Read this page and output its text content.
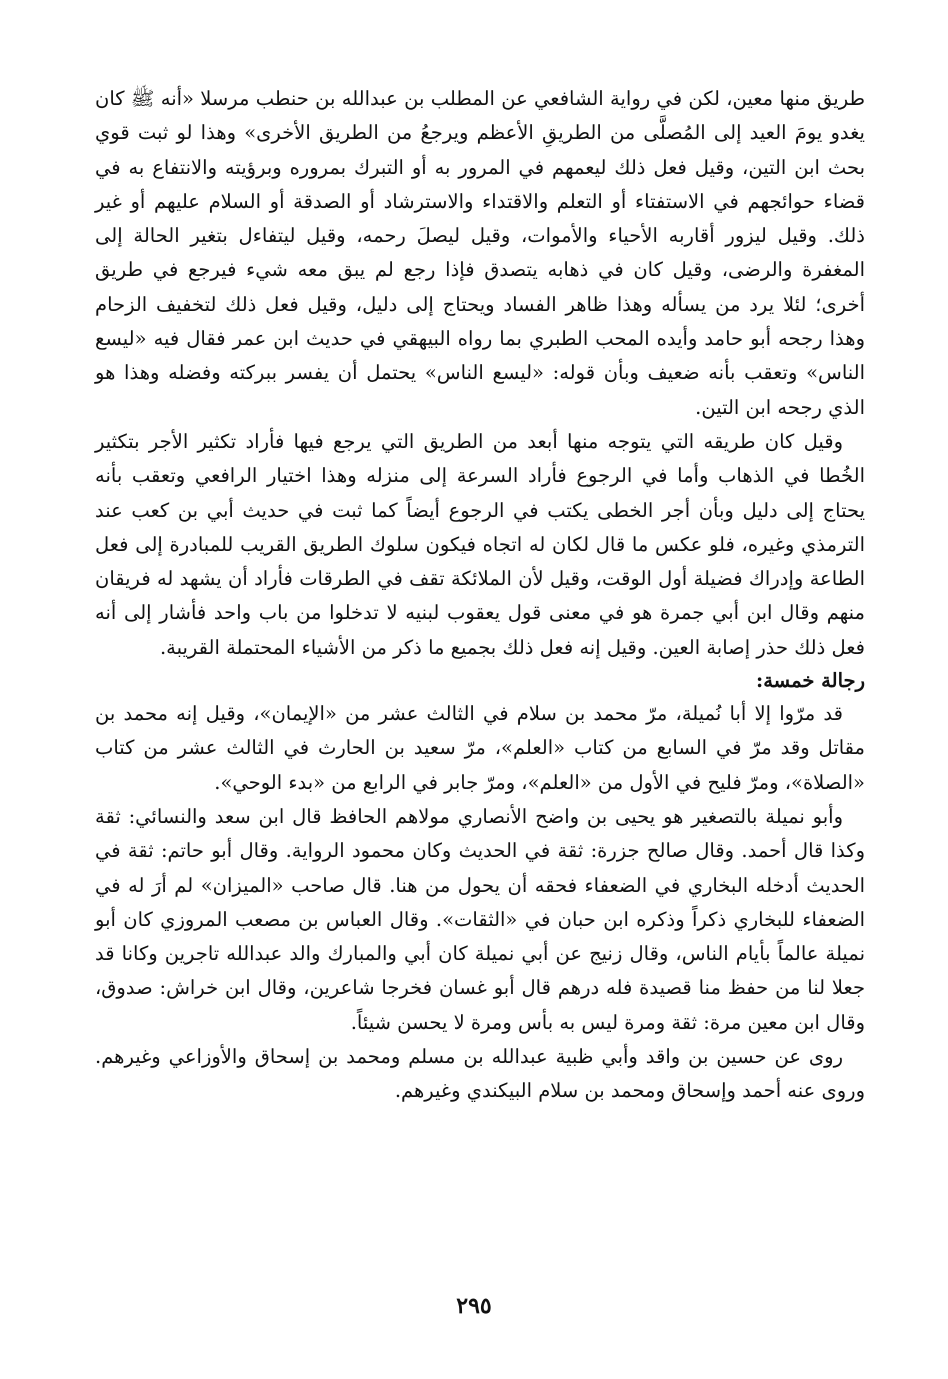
طريق منها معين، لكن في رواية الشافعي عن المطلب بن عبدالله بن حنطب مرسلا «أنه ﷺ كان يغدو يومَ العيد إلى المُصلَّى من الطريقِ الأعظم ويرجعُ من الطريق الأخرى» وهذا لو ثبت قوي بحث ابن التين، وقيل فعل ذلك ليعمهم في المرور به أو التبرك بمروره وبرؤيته والانتفاع به في قضاء حوائجهم في الاستفتاء أو التعلم والاقتداء والاسترشاد أو الصدقة أو السلام عليهم أو غير ذلك. وقيل ليزور أقاربه الأحياء والأموات، وقيل ليصلَ رحمه، وقيل ليتفاءل بتغير الحالة إلى المغفرة والرضى، وقيل كان في ذهابه يتصدق فإذا رجع لم يبق معه شيء فيرجع في طريق أخرى؛ لئلا يرد من يسأله وهذا ظاهر الفساد ويحتاج إلى دليل، وقيل فعل ذلك لتخفيف الزحام وهذا رجحه أبو حامد وأيده المحب الطبري بما رواه البيهقي في حديث ابن عمر فقال فيه «ليسع الناس» وتعقب بأنه ضعيف وبأن قوله: «ليسع الناس» يحتمل أن يفسر ببركته وفضله وهذا هو الذي رجحه ابن التين.

وقيل كان طريقه التي يتوجه منها أبعد من الطريق التي يرجع فيها فأراد تكثير الأجر بتكثير الخُطا في الذهاب وأما في الرجوع فأراد السرعة إلى منزله وهذا اختيار الرافعي وتعقب بأنه يحتاج إلى دليل وبأن أجر الخطى يكتب في الرجوع أيضاً كما ثبت في حديث أبي بن كعب عند الترمذي وغيره، فلو عكس ما قال لكان له اتجاه فيكون سلوك الطريق القريب للمبادرة إلى فعل الطاعة وإدراك فضيلة أول الوقت، وقيل لأن الملائكة تقف في الطرقات فأراد أن يشهد له فريقان منهم وقال ابن أبي جمرة هو في معنى قول يعقوب لبنيه لا تدخلوا من باب واحد فأشار إلى أنه فعل ذلك حذر إصابة العين. وقيل إنه فعل ذلك بجميع ما ذكر من الأشياء المحتملة القريبة.

رجالة خمسة:

قد مرّوا إلا أبا نُميلة، مرّ محمد بن سلام في الثالث عشر من «الإيمان»، وقيل إنه محمد بن مقاتل وقد مرّ في السابع من كتاب «العلم»، مرّ سعيد بن الحارث في الثالث عشر من كتاب «الصلاة»، ومرّ فليح في الأول من «العلم»، ومرّ جابر في الرابع من «بدء الوحي».

وأبو نميلة بالتصغير هو يحيى بن واضح الأنصاري مولاهم الحافظ قال ابن سعد والنسائي: ثقة وكذا قال أحمد. وقال صالح جزرة: ثقة في الحديث وكان محمود الرواية. وقال أبو حاتم: ثقة في الحديث أدخله البخاري في الضعفاء فحقه أن يحول من هنا. قال صاحب «الميزان» لم أرَ له في الضعفاء للبخاري ذكراً وذكره ابن حبان في «الثقات». وقال العباس بن مصعب المروزي كان أبو نميلة عالماً بأيام الناس، وقال زنيج عن أبي نميلة كان أبي والمبارك والد عبدالله تاجرين وكانا قد جعلا لنا من حفظ منا قصيدة فله درهم قال أبو غسان فخرجا شاعرين، وقال ابن خراش: صدوق، وقال ابن معين مرة: ثقة ومرة ليس به بأس ومرة لا يحسن شيئاً.

روى عن حسين بن واقد وأبي ظبية عبدالله بن مسلم ومحمد بن إسحاق والأوزاعي وغيرهم. وروى عنه أحمد وإسحاق ومحمد بن سلام البيكندي وغيرهم.

٢٩٥
